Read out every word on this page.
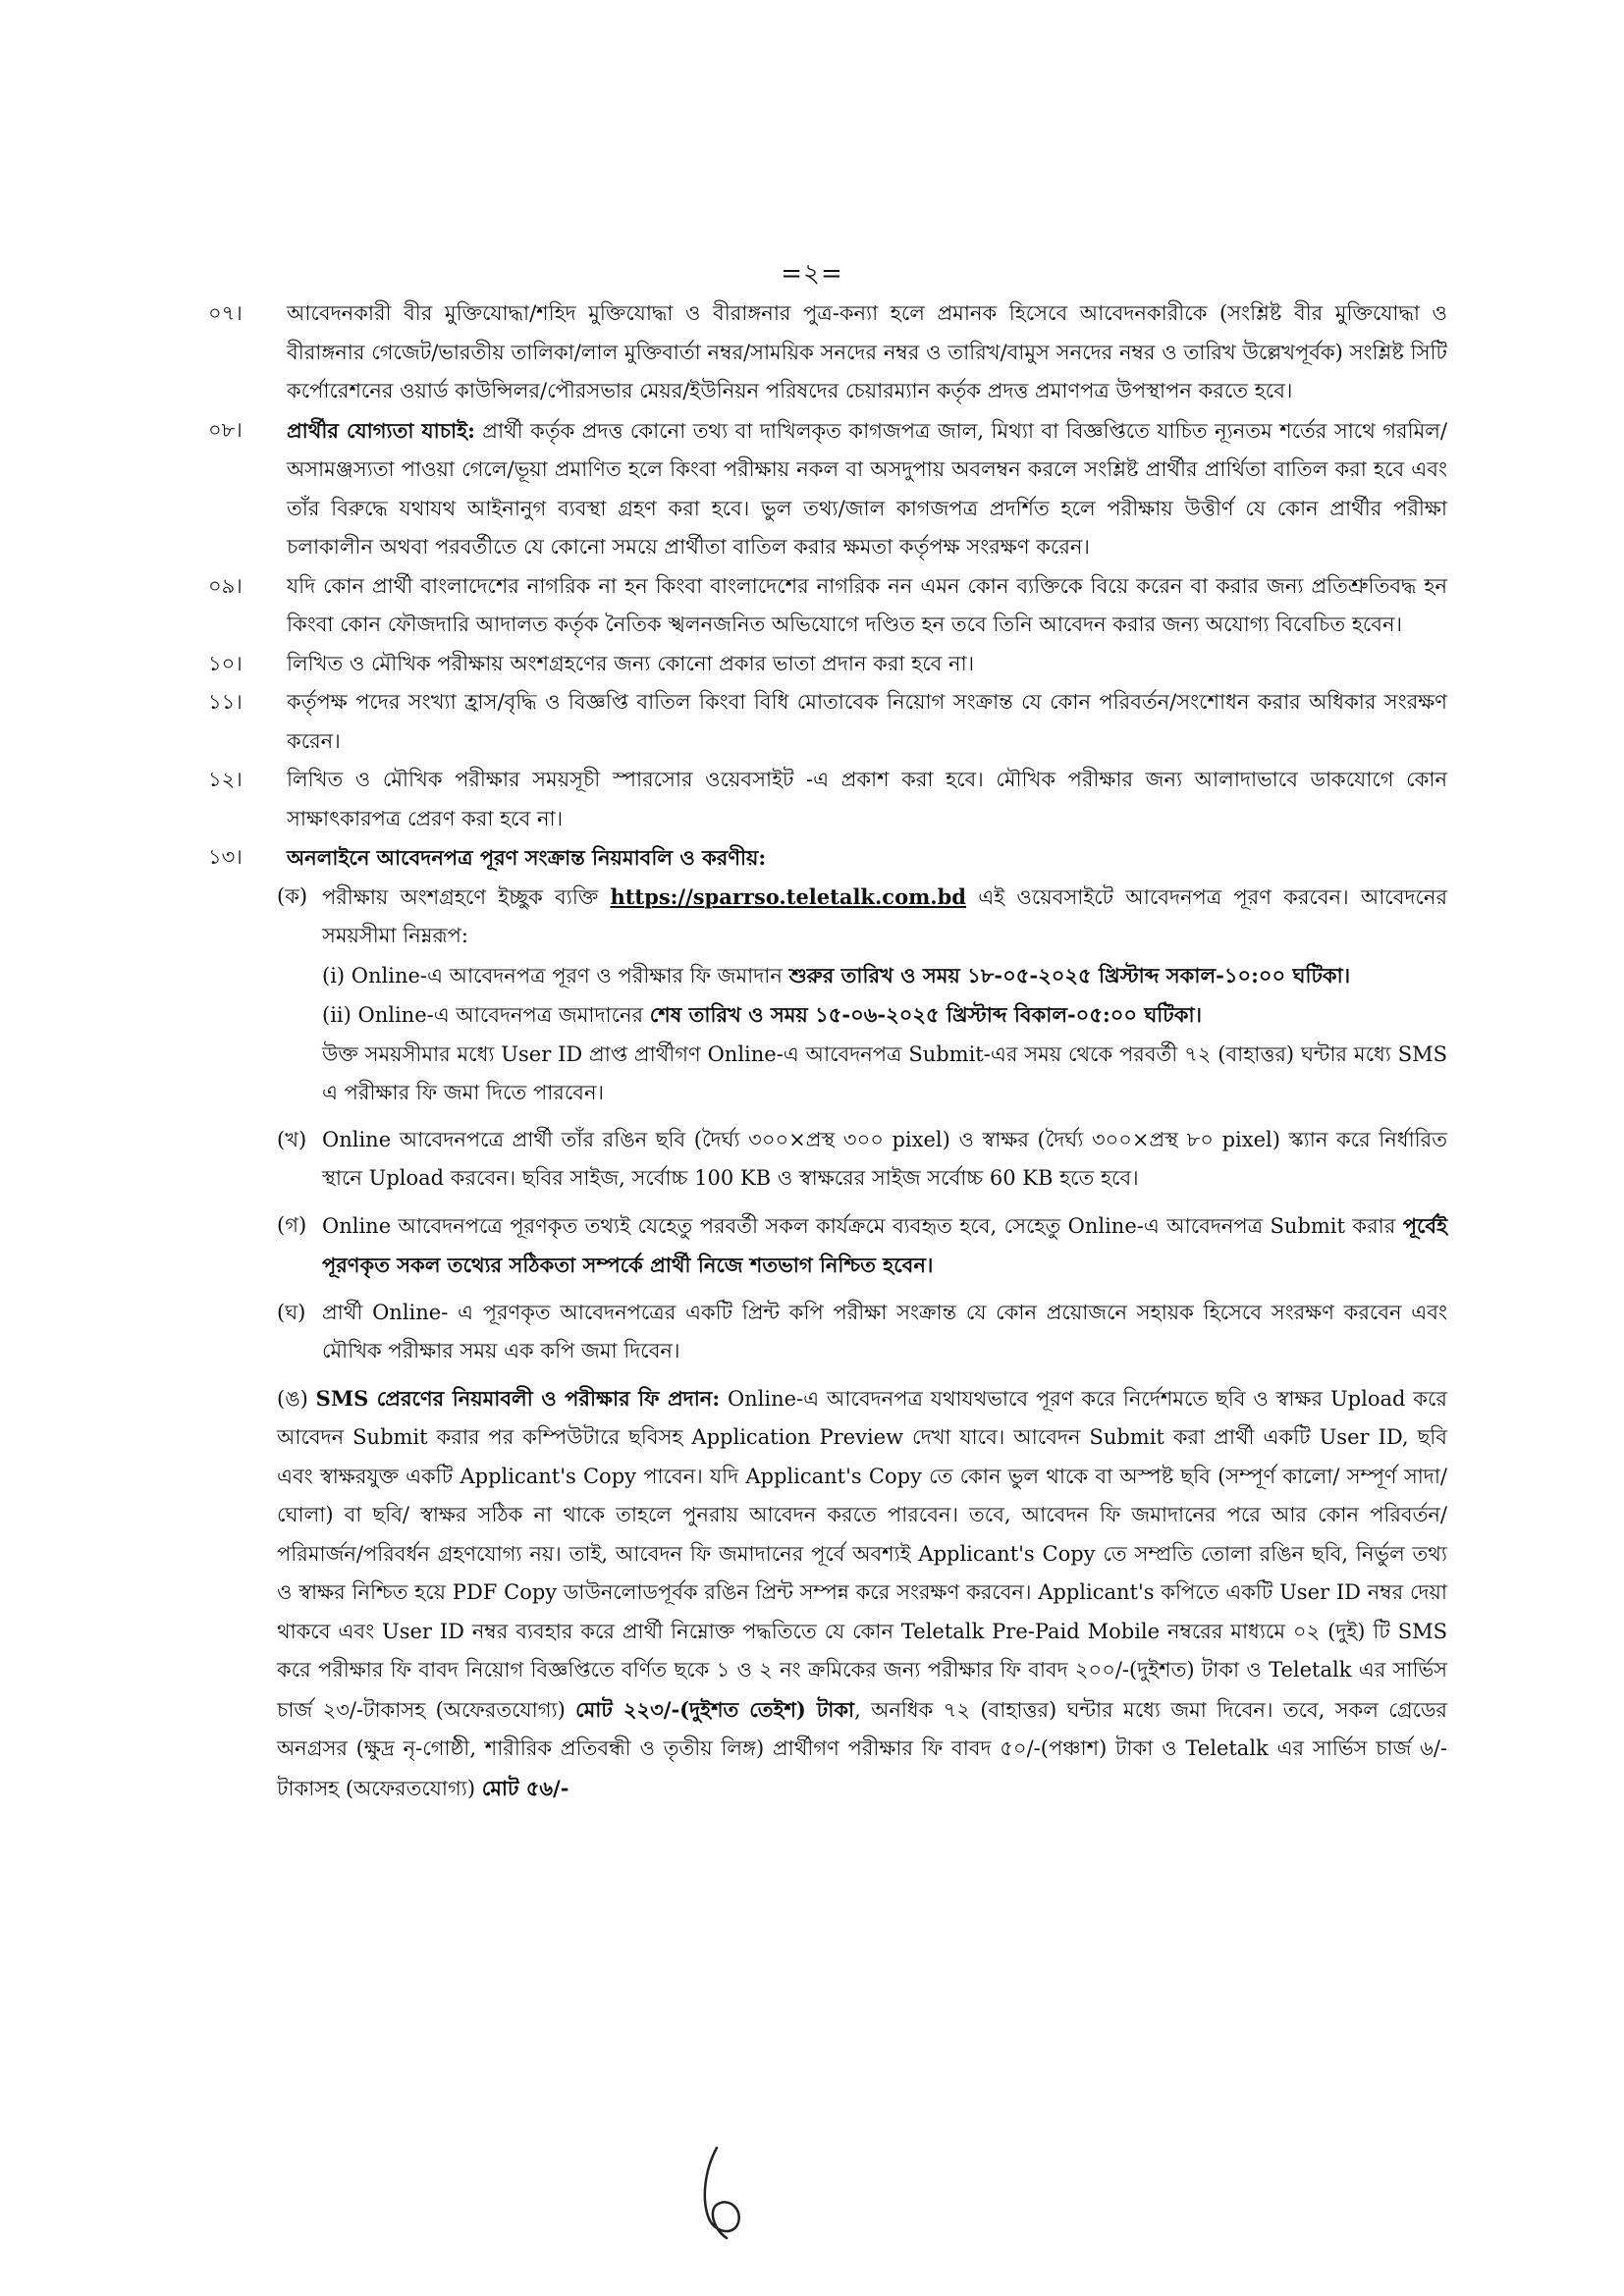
=২=
০৭।	আবেদনকারী বীর মুক্তিযোদ্ধা/শহিদ মুক্তিযোদ্ধা ও বীরাঙ্গনার পুত্র-কন্যা হলে প্রমানক হিসেবে আবেদনকারীকে (সংশ্লিষ্ট বীর মুক্তিযোদ্ধা ও বীরাঙ্গনার গেজেট/ভারতীয় তালিকা/লাল মুক্তিবার্তা নম্বর/সাময়িক সনদের নম্বর ও তারিখ/বামুস সনদের নম্বর ও তারিখ উল্লেখপূর্বক) সংশ্লিষ্ট সিটি কর্পোরেশনের ওয়ার্ড কাউন্সিলর/পৌরসভার মেয়র/ইউনিয়ন পরিষদের চেয়ারম্যান কর্তৃক প্রদত্ত প্রমাণপত্র উপস্থাপন করতে হবে।
০৮।	প্রার্থীর যোগ্যতা যাচাই: প্রার্থী কর্তৃক প্রদত্ত কোনো তথ্য বা দাখিলকৃত কাগজপত্র জাল, মিথ্যা বা বিজ্ঞপ্তিতে যাচিত ন্যূনতম শর্তের সাথে গরমিল/অসামঞ্জস্যতা পাওয়া গেলে/ভূয়া প্রমাণিত হলে কিংবা পরীক্ষায় নকল বা অসদুপায় অবলম্বন করলে সংশ্লিষ্ট প্রার্থীর প্রার্থিতা বাতিল করা হবে এবং তাঁর বিরুদ্ধে যথাযথ আইনানুগ ব্যবস্থা গ্রহণ করা হবে। ভুল তথ্য/জাল কাগজপত্র প্রদর্শিত হলে পরীক্ষায় উত্তীর্ণ যে কোন প্রার্থীর পরীক্ষা চলাকালীন অথবা পরবর্তীতে যে কোনো সময়ে প্রার্থীতা বাতিল করার ক্ষমতা কর্তৃপক্ষ সংরক্ষণ করেন।
০৯।	যদি কোন প্রার্থী বাংলাদেশের নাগরিক না হন কিংবা বাংলাদেশের নাগরিক নন এমন কোন ব্যক্তিকে বিয়ে করেন বা করার জন্য প্রতিশ্রুতিবদ্ধ হন কিংবা কোন ফৌজদারি আদালত কর্তৃক নৈতিক স্খলনজনিত অভিযোগে দণ্ডিত হন তবে তিনি আবেদন করার জন্য অযোগ্য বিবেচিত হবেন।
১০।	লিখিত ও মৌখিক পরীক্ষায় অংশগ্রহণের জন্য কোনো প্রকার ভাতা প্রদান করা হবে না।
১১।	কর্তৃপক্ষ পদের সংখ্যা হ্রাস/বৃদ্ধি ও বিজ্ঞপ্তি বাতিল কিংবা বিধি মোতাবেক নিয়োগ সংক্রান্ত যে কোন পরিবর্তন/সংশোধন করার অধিকার সংরক্ষণ করেন।
১২।	লিখিত ও মৌখিক পরীক্ষার সময়সূচী স্পারসোর ওয়েবসাইট -এ প্রকাশ করা হবে। মৌখিক পরীক্ষার জন্য আলাদাভাবে ডাকযোগে কোন সাক্ষাৎকারপত্র প্রেরণ করা হবে না।
১৩।	অনলাইনে আবেদনপত্র পূরণ সংক্রান্ত নিয়মাবলি ও করণীয়:
(ক) পরীক্ষায় অংশগ্রহণে ইচ্ছুক ব্যক্তি https://sparrso.teletalk.com.bd এই ওয়েবসাইটে আবেদনপত্র পূরণ করবেন। আবেদনের সময়সীমা নিম্নরূপ:
(i) Online-এ আবেদনপত্র পূরণ ও পরীক্ষার ফি জমাদান শুরুর তারিখ ও সময় ১৮-০৫-২০২৫ খ্রিস্টাব্দ সকাল-১০:০০ ঘটিকা।
(ii) Online-এ আবেদনপত্র জমাদানের শেষ তারিখ ও সময় ১৫-০৬-২০২৫ খ্রিস্টাব্দ বিকাল-০৫:০০ ঘটিকা।
উক্ত সময়সীমার মধ্যে User ID প্রাপ্ত প্রার্থীগণ Online-এ আবেদনপত্র Submit-এর সময় থেকে পরবর্তী ৭২ (বাহাত্তর) ঘন্টার মধ্যে SMS এ পরীক্ষার ফি জমা দিতে পারবেন।
(খ) Online আবেদনপত্রে প্রার্থী তাঁর রঙিন ছবি (দৈর্ঘ্য ৩০০×প্রস্থ ৩০০ pixel) ও স্বাক্ষর (দৈর্ঘ্য ৩০০×প্রস্থ ৮০ pixel) স্ক্যান করে নির্ধারিত স্থানে Upload করবেন। ছবির সাইজ, সর্বোচ্চ 100 KB ও স্বাক্ষরের সাইজ সর্বোচ্চ 60 KB হতে হবে।
(গ) Online আবেদনপত্রে পূরণকৃত তথ্যই যেহেতু পরবর্তী সকল কার্যক্রমে ব্যবহৃত হবে, সেহেতু Online-এ আবেদনপত্র Submit করার পূর্বেই পূরণকৃত সকল তথ্যের সঠিকতা সম্পর্কে প্রার্থী নিজে শতভাগ নিশ্চিত হবেন।
(ঘ) প্রার্থী Online- এ পূরণকৃত আবেদনপত্রের একটি প্রিন্ট কপি পরীক্ষা সংক্রান্ত যে কোন প্রয়োজনে সহায়ক হিসেবে সংরক্ষণ করবেন এবং মৌখিক পরীক্ষার সময় এক কপি জমা দিবেন।
(ঙ) SMS প্রেরণের নিয়মাবলী ও পরীক্ষার ফি প্রদান: Online-এ আবেদনপত্র যথাযথভাবে পূরণ করে নির্দেশমতে ছবি ও স্বাক্ষর Upload করে আবেদন Submit করার পর কম্পিউটারে ছবিসহ Application Preview দেখা যাবে। আবেদন Submit করা প্রার্থী একটি User ID, ছবি এবং স্বাক্ষরযুক্ত একটি Applicant's Copy পাবেন। যদি Applicant's Copy তে কোন ভুল থাকে বা অস্পষ্ট ছবি (সম্পূর্ণ কালো/ সম্পূর্ণ সাদা/ ঘোলা) বা ছবি/ স্বাক্ষর সঠিক না থাকে তাহলে পুনরায় আবেদন করতে পারবেন। তবে, আবেদন ফি জমাদানের পরে আর কোন পরিবর্তন/পরিমার্জন/পরিবর্ধন গ্রহণযোগ্য নয়। তাই, আবেদন ফি জমাদানের পূর্বে অবশ্যই Applicant's Copy তে সম্প্রতি তোলা রঙিন ছবি, নির্ভুল তথ্য ও স্বাক্ষর নিশ্চিত হয়ে PDF Copy ডাউনলোডপূর্বক রঙিন প্রিন্ট সম্পন্ন করে সংরক্ষণ করবেন। Applicant's কপিতে একটি User ID নম্বর দেয়া থাকবে এবং User ID নম্বর ব্যবহার করে প্রার্থী নিম্নোক্ত পদ্ধতিতে যে কোন Teletalk Pre-Paid Mobile নম্বরের মাধ্যমে ০২ (দুই) টি SMS করে পরীক্ষার ফি বাবদ নিয়োগ বিজ্ঞপ্তিতে বর্ণিত ছকে ১ ও ২ নং ক্রমিকের জন্য পরীক্ষার ফি বাবদ ২০০/-(দুইশত) টাকা ও Teletalk এর সার্ভিস চার্জ ২৩/-টাকাসহ (অফেরতযোগ্য) মোট ২২৩/-(দুইশত তেইশ) টাকা, অনধিক ৭২ (বাহাত্তর) ঘন্টার মধ্যে জমা দিবেন। তবে, সকল গ্রেডের অনগ্রসর (ক্ষুদ্র নৃ-গোষ্ঠী, শারীরিক প্রতিবন্ধী ও তৃতীয় লিঙ্গ) প্রার্থীগণ পরীক্ষার ফি বাবদ ৫০/-(পঞ্চাশ) টাকা ও Teletalk এর সার্ভিস চার্জ ৬/-টাকাসহ (অফেরতযোগ্য) মোট ৫৬/-
